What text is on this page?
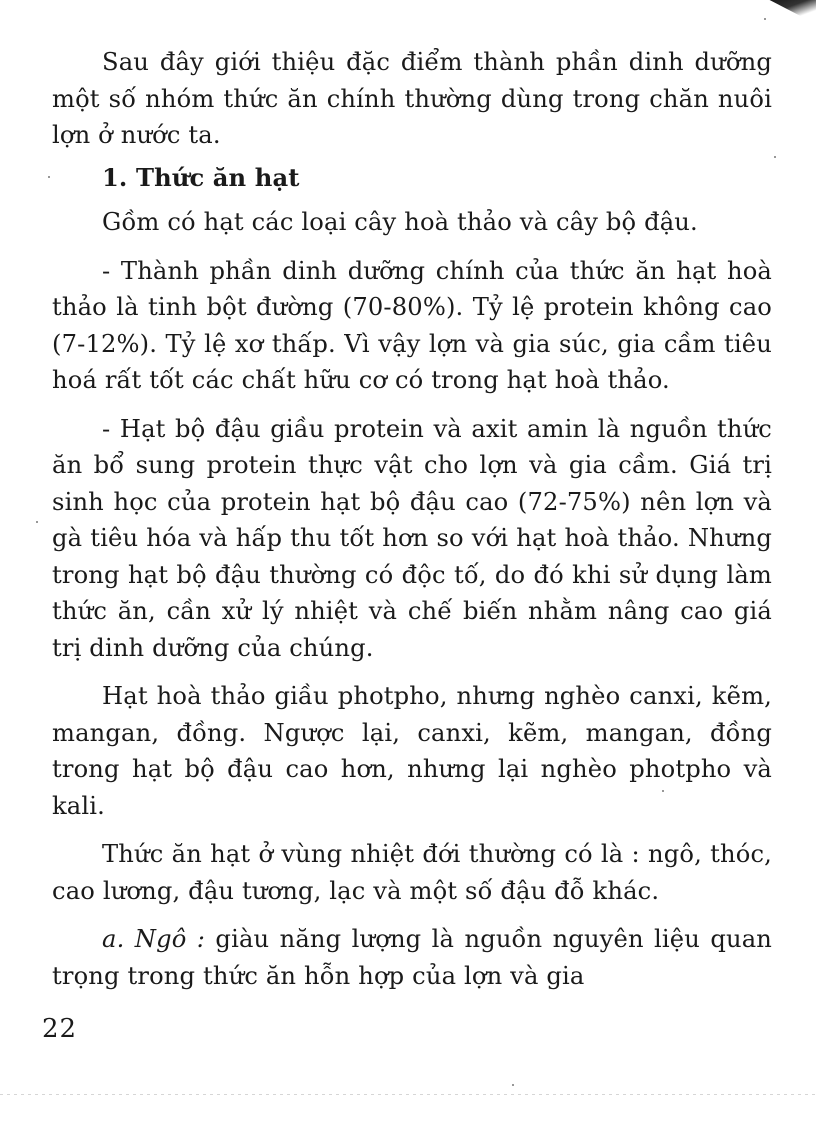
Sau đây giới thiệu đặc điểm thành phần dinh dưỡng một số nhóm thức ăn chính thường dùng trong chăn nuôi lợn ở nước ta.

1. Thức ăn hạt

Gồm có hạt các loại cây hoà thảo và cây bộ đậu.

- Thành phần dinh dưỡng chính của thức ăn hạt hoà thảo là tinh bột đường (70-80%). Tỷ lệ protein không cao (7-12%). Tỷ lệ xơ thấp. Vì vậy lợn và gia súc, gia cầm tiêu hoá rất tốt các chất hữu cơ có trong hạt hoà thảo.

- Hạt bộ đậu giầu protein và axit amin là nguồn thức ăn bổ sung protein thực vật cho lợn và gia cầm. Giá trị sinh học của protein hạt bộ đậu cao (72-75%) nên lợn và gà tiêu hóa và hấp thu tốt hơn so với hạt hoà thảo. Nhưng trong hạt bộ đậu thường có độc tố, do đó khi sử dụng làm thức ăn, cần xử lý nhiệt và chế biến nhằm nâng cao giá trị dinh dưỡng của chúng.

Hạt hoà thảo giầu photpho, nhưng nghèo canxi, kẽm, mangan, đồng. Ngược lại, canxi, kẽm, mangan, đồng trong hạt bộ đậu cao hơn, nhưng lại nghèo photpho và kali.

Thức ăn hạt ở vùng nhiệt đới thường có là : ngô, thóc, cao lương, đậu tương, lạc và một số đậu đỗ khác.

a. Ngô : giàu năng lượng là nguồn nguyên liệu quan trọng trong thức ăn hỗn hợp của lợn và gia

22
